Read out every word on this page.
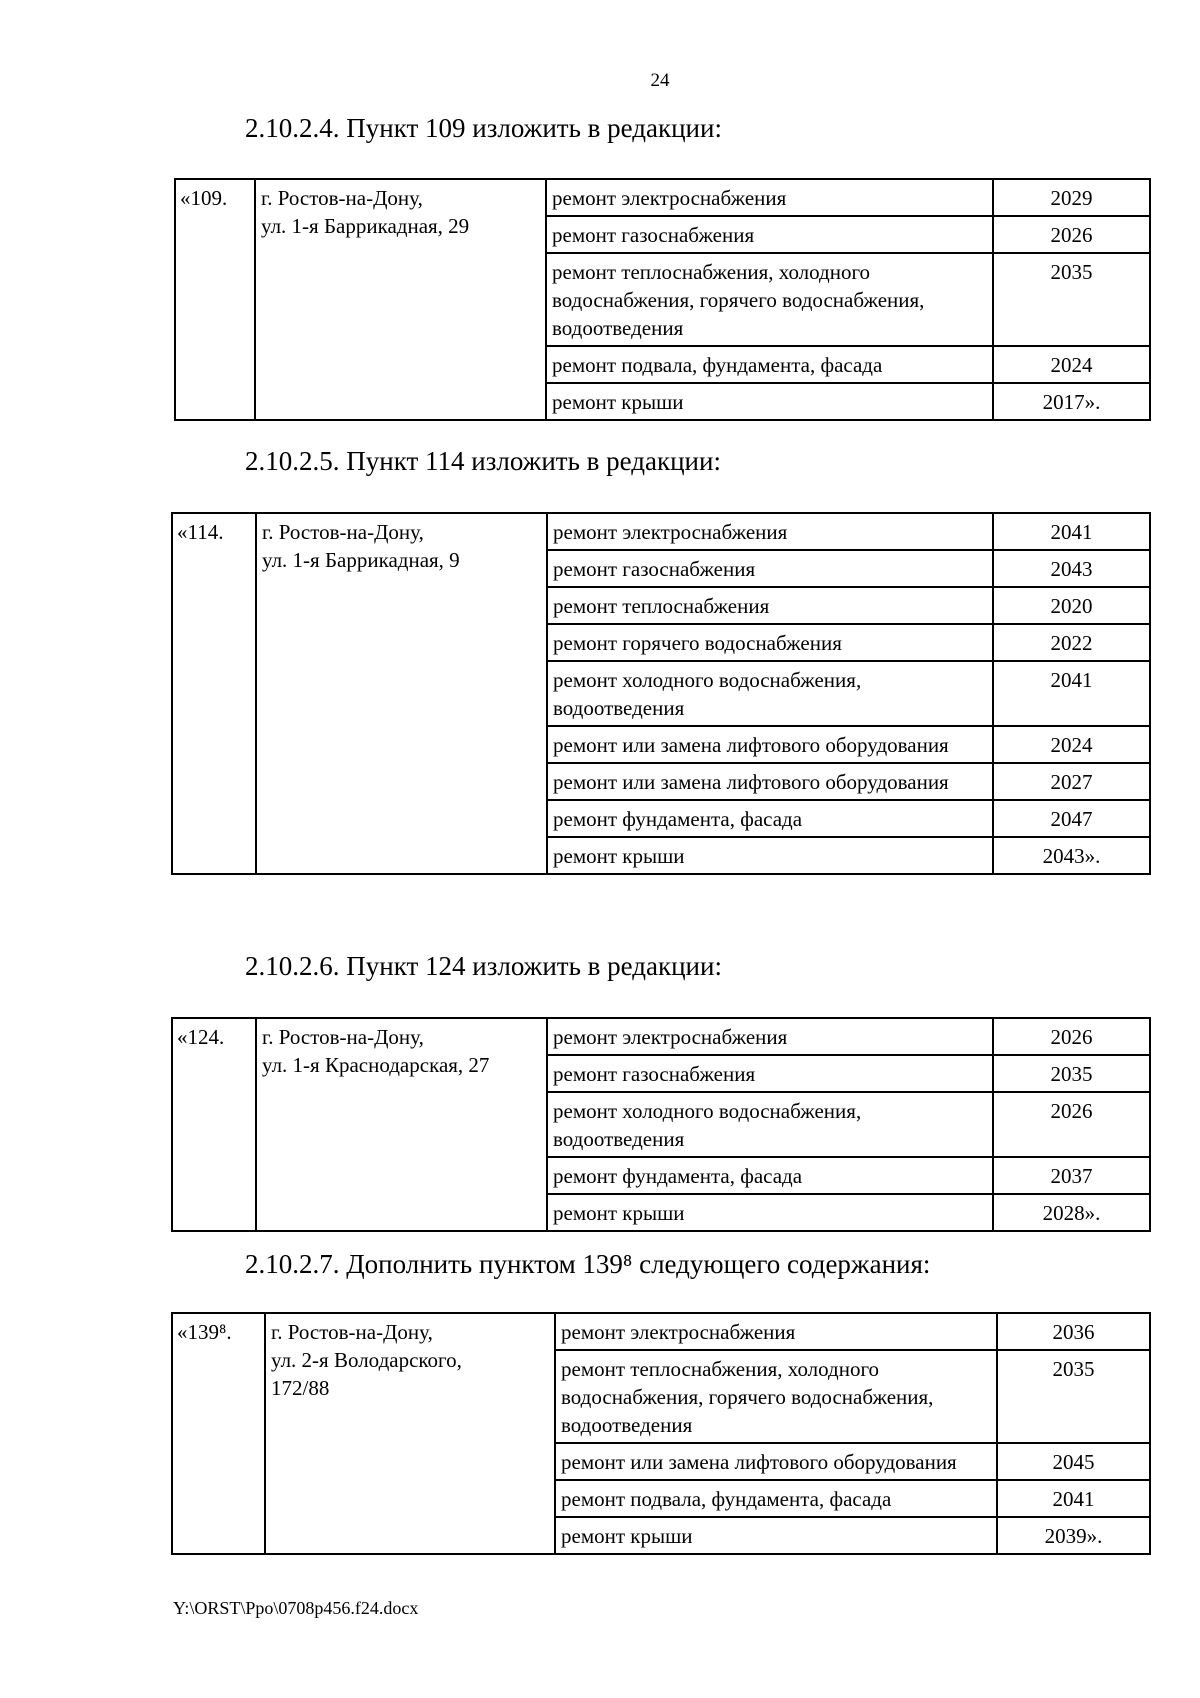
24
2.10.2.4. Пункт 109 изложить в редакции:
«109.	г. Ростов-на-Дону,
ул. 1-я Баррикадная, 29	ремонт электроснабжения	2029
		ремонт газоснабжения	2026
		ремонт теплоснабжения, холодного водоснабжения, горячего водоснабжения, водоотведения	2035
		ремонт подвала, фундамента, фасада	2024
		ремонт крыши	2017».
2.10.2.5. Пункт 114 изложить в редакции:
«114.	г. Ростов-на-Дону,
ул. 1-я Баррикадная, 9	ремонт электроснабжения	2041
		ремонт газоснабжения	2043
		ремонт теплоснабжения	2020
		ремонт горячего водоснабжения	2022
		ремонт холодного водоснабжения, водоотведения	2041
		ремонт или замена лифтового оборудования	2024
		ремонт или замена лифтового оборудования	2027
		ремонт фундамента, фасада	2047
		ремонт крыши	2043».
2.10.2.6. Пункт 124 изложить в редакции:
«124.	г. Ростов-на-Дону,
ул. 1-я Краснодарская, 27	ремонт электроснабжения	2026
		ремонт газоснабжения	2035
		ремонт холодного водоснабжения, водоотведения	2026
		ремонт фундамента, фасада	2037
		ремонт крыши	2028».
2.10.2.7. Дополнить пунктом 139⁸ следующего содержания:
«139⁸.	г. Ростов-на-Дону,
ул. 2-я Володарского,
172/88	ремонт электроснабжения	2036
		ремонт теплоснабжения, холодного водоснабжения, горячего водоснабжения, водоотведения	2035
		ремонт или замена лифтового оборудования	2045
		ремонт подвала, фундамента, фасада	2041
		ремонт крыши	2039».
Y:\ORST\Ppo\0708p456.f24.docx
